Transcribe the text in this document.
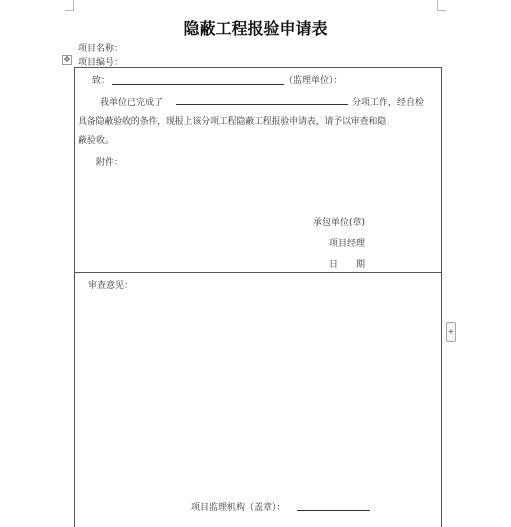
隐蔽工程报验申请表
项目名称：
✥ 项目编号：
致：	（监理单位）：
我单位已完成了	分项工作，经自检
具备隐蔽验收的条件，现报上该分项工程隐蔽工程报验申请表，请予以审查和隐
蔽验收。
附件：
承包单位(章)
项目经理
日　　期
审查意见：
项目监理机构（盖章）：
+
